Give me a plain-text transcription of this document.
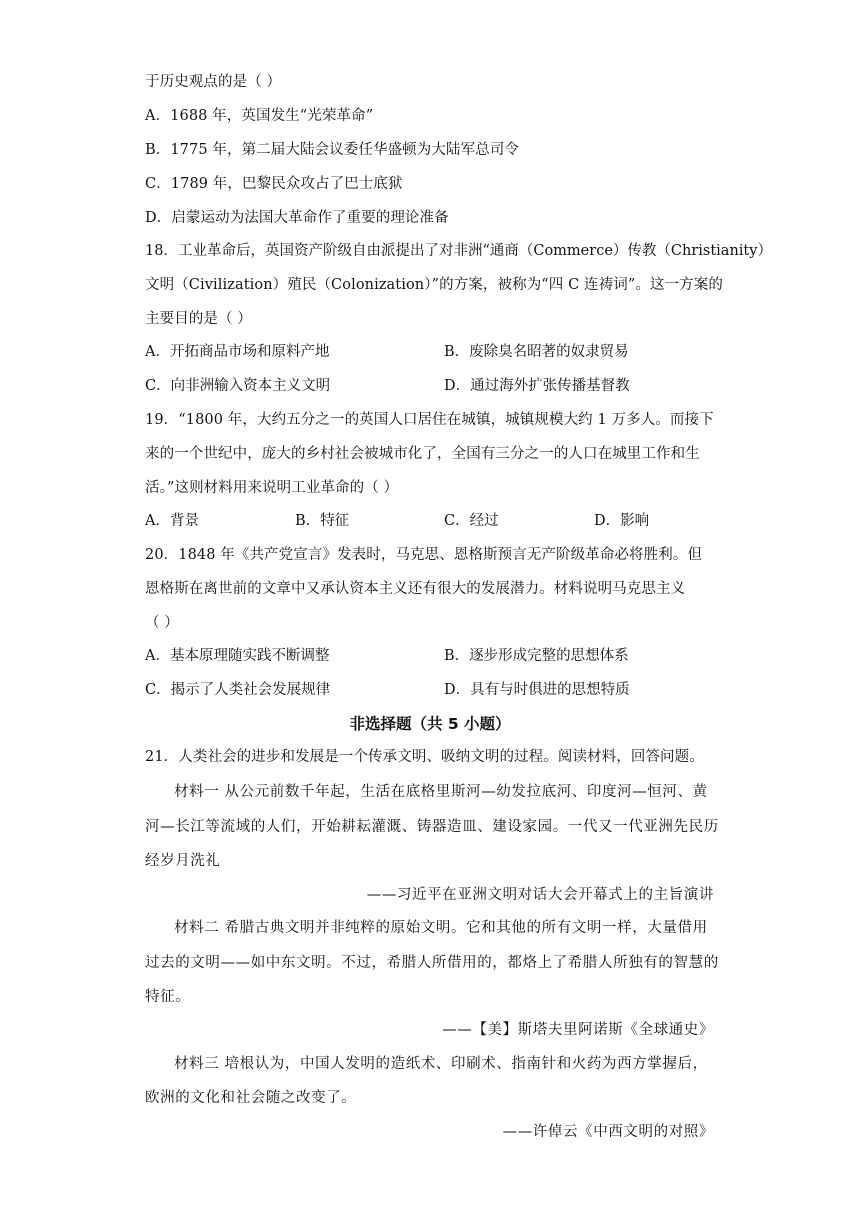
于历史观点的是（ ）
A．1688 年，英国发生“光荣革命”
B．1775 年，第二届大陆会议委任华盛顿为大陆军总司令
C．1789 年，巴黎民众攻占了巴士底狱
D．启蒙运动为法国大革命作了重要的理论准备
18．工业革命后，英国资产阶级自由派提出了对非洲“通商（Commerce）传教（Christianity）
文明（Civilization）殖民（Colonization）”的方案，被称为“四 C 连祷词”。这一方案的
主要目的是（ ）
A．开拓商品市场和原料产地	B．废除臭名昭著的奴隶贸易
C．向非洲输入资本主义文明	D．通过海外扩张传播基督教
19．“1800 年，大约五分之一的英国人口居住在城镇，城镇规模大约 1 万多人。而接下
来的一个世纪中，庞大的乡村社会被城市化了，全国有三分之一的人口在城里工作和生
活。”这则材料用来说明工业革命的（ ）
A．背景	B．特征	C．经过	D．影响
20．1848 年《共产党宣言》发表时，马克思、恩格斯预言无产阶级革命必将胜利。但
恩格斯在离世前的文章中又承认资本主义还有很大的发展潜力。材料说明马克思主义
（ ）
A．基本原理随实践不断调整	B．逐步形成完整的思想体系
C．揭示了人类社会发展规律	D．具有与时俱进的思想特质
非选择题（共 5 小题）
21．人类社会的进步和发展是一个传承文明、吸纳文明的过程。阅读材料，回答问题。
材料一 从公元前数千年起，生活在底格里斯河—幼发拉底河、印度河—恒河、黄
河—长江等流域的人们，开始耕耘灌溉、铸器造皿、建设家园。一代又一代亚洲先民历
经岁月洗礼
——习近平在亚洲文明对话大会开幕式上的主旨演讲
材料二 希腊古典文明并非纯粹的原始文明。它和其他的所有文明一样，大量借用
过去的文明——如中东文明。不过，希腊人所借用的，都烙上了希腊人所独有的智慧的
特征。
——【美】斯塔夫里阿诺斯《全球通史》
材料三 培根认为，中国人发明的造纸术、印刷术、指南针和火药为西方掌握后，
欧洲的文化和社会随之改变了。
——许倬云《中西文明的对照》
